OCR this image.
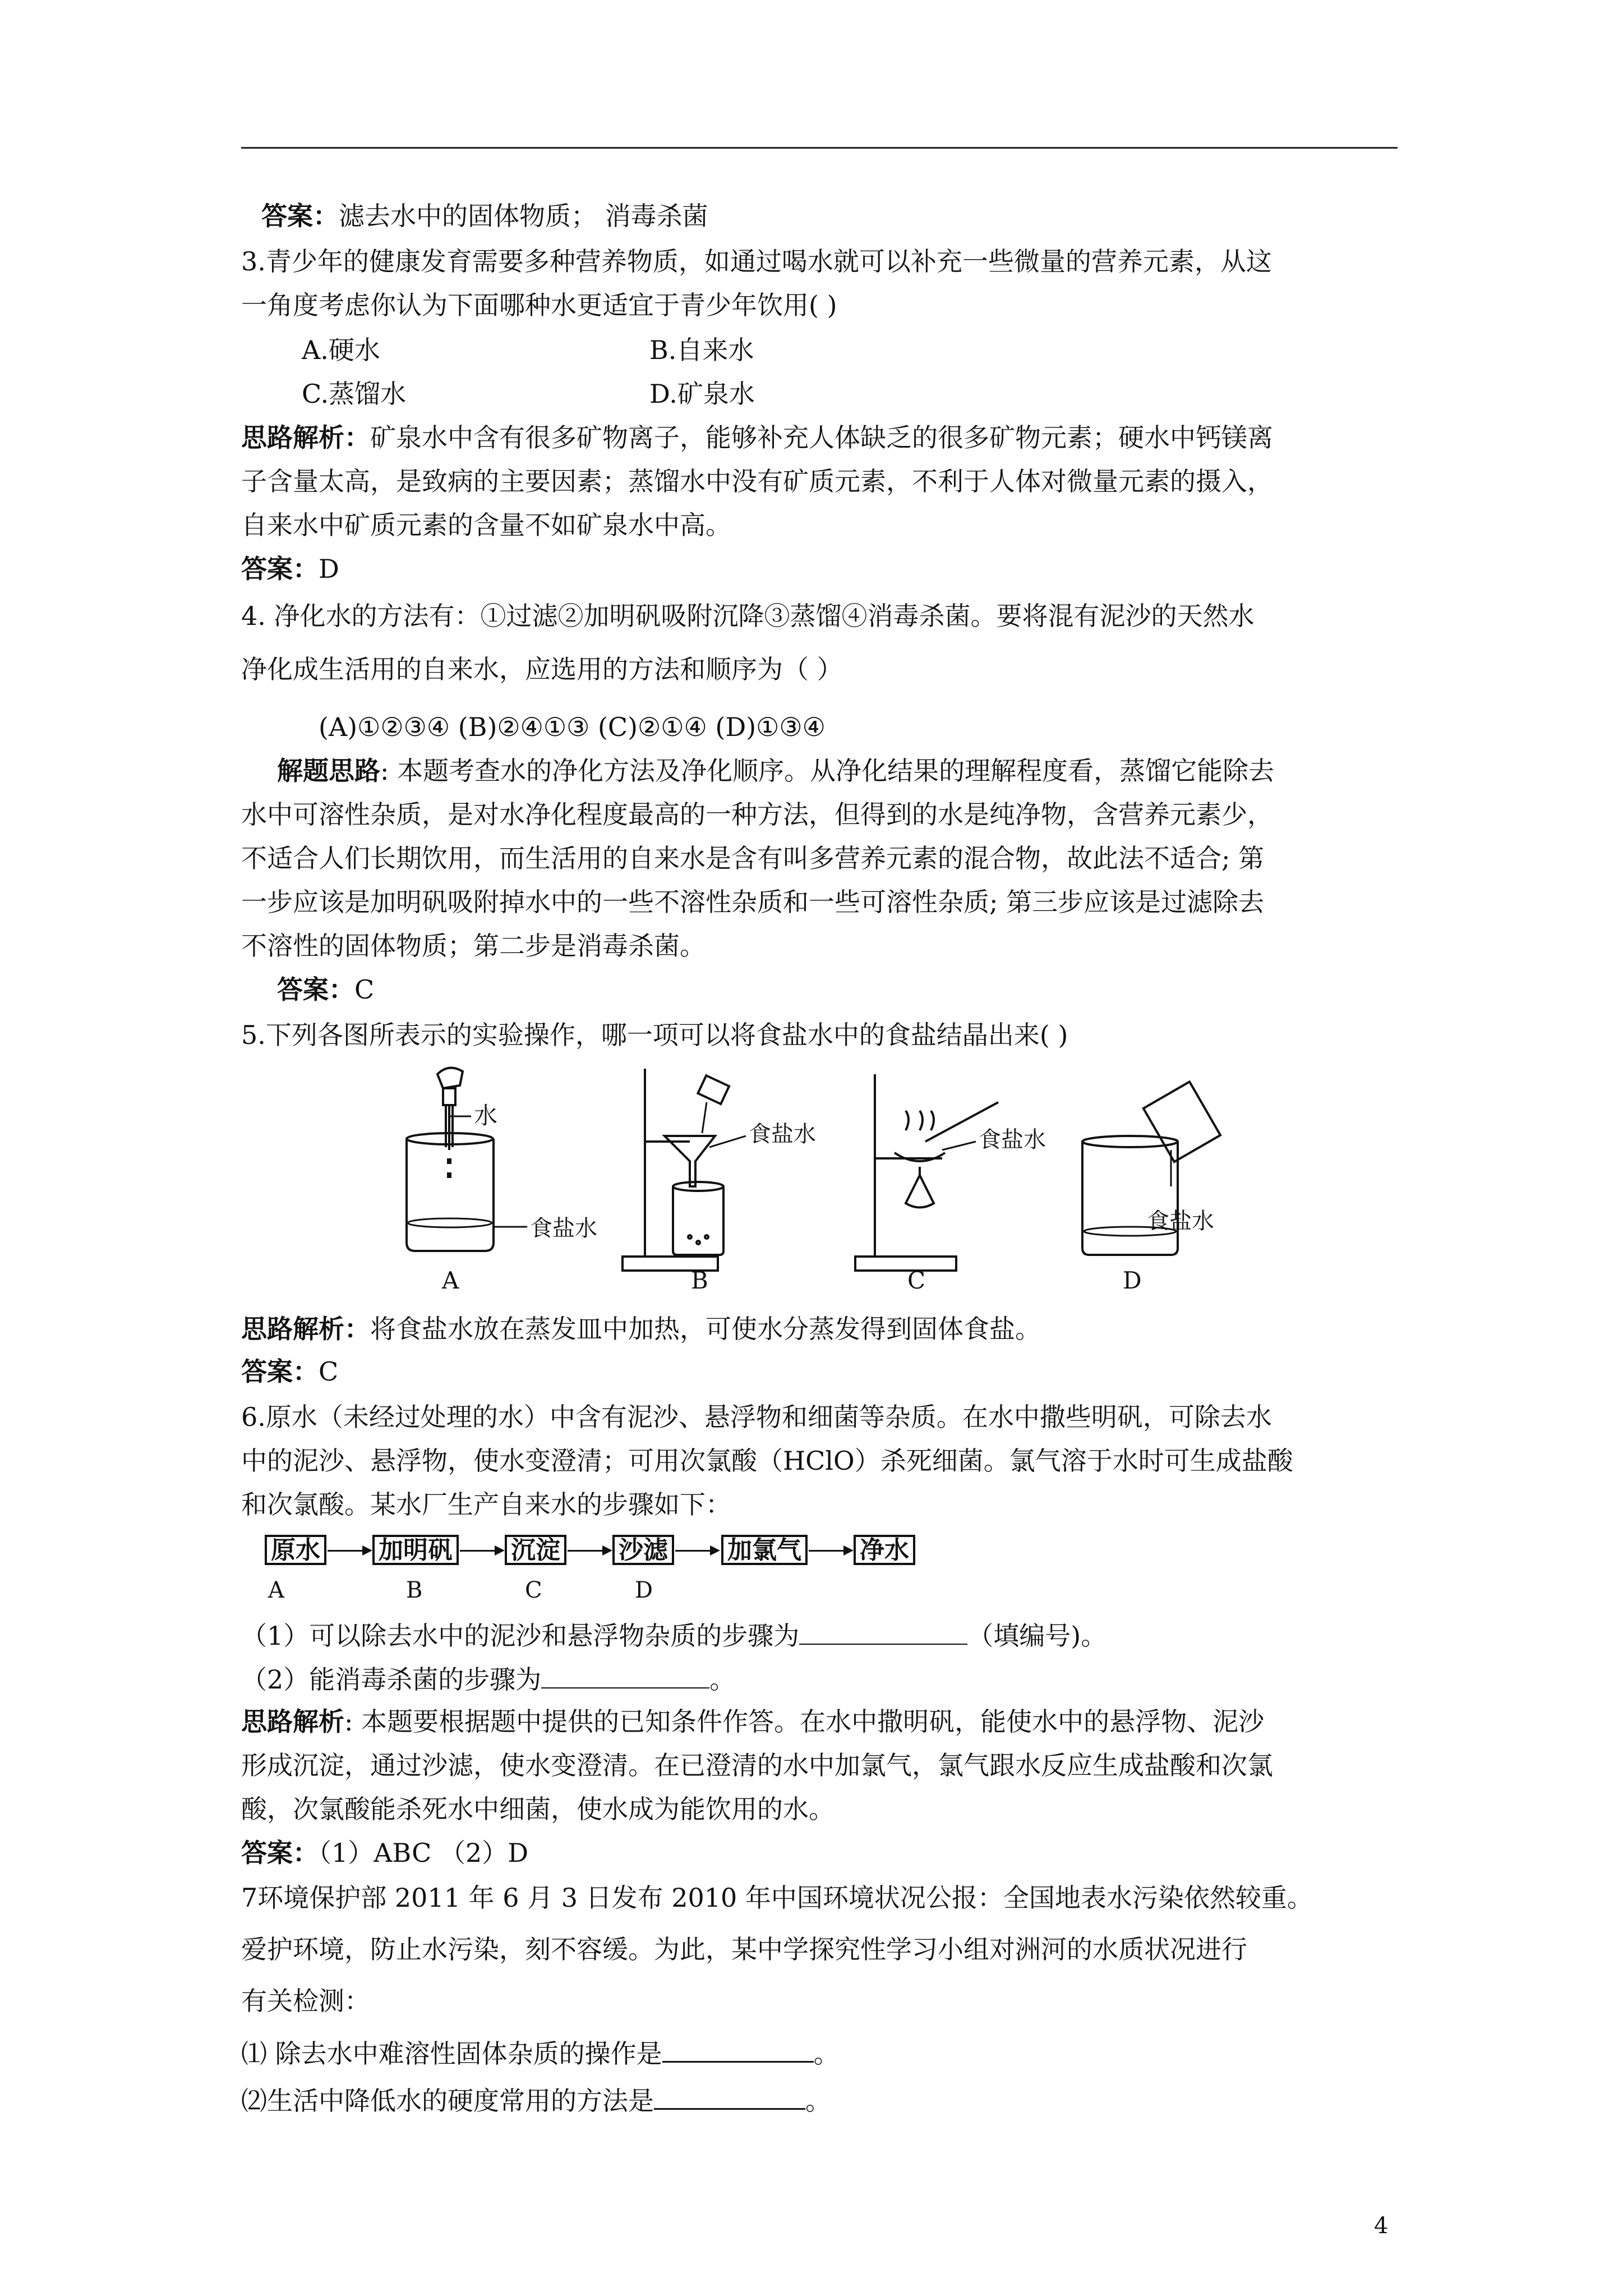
答案：滤去水中的固体物质； 消毒杀菌
3.青少年的健康发育需要多种营养物质，如通过喝水就可以补充一些微量的营养元素，从这
一角度考虑你认为下面哪种水更适宜于青少年饮用( )
A.硬水	B.自来水
C.蒸馏水	D.矿泉水
思路解析：矿泉水中含有很多矿物离子，能够补充人体缺乏的很多矿物元素；硬水中钙镁离
子含量太高，是致病的主要因素；蒸馏水中没有矿质元素，不利于人体对微量元素的摄入，
自来水中矿质元素的含量不如矿泉水中高。
答案：D
4. 净化水的方法有：①过滤②加明矾吸附沉降③蒸馏④消毒杀菌。要将混有泥沙的天然水
净化成生活用的自来水，应选用的方法和顺序为（ ）
(A)①②③④ (B)②④①③ (C)②①④ (D)①③④
解题思路: 本题考查水的净化方法及净化顺序。从净化结果的理解程度看，蒸馏它能除去
水中可溶性杂质，是对水净化程度最高的一种方法，但得到的水是纯净物，含营养元素少，
不适合人们长期饮用，而生活用的自来水是含有叫多营养元素的混合物，故此法不适合; 第
一步应该是加明矾吸附掉水中的一些不溶性杂质和一些可溶性杂质; 第三步应该是过滤除去
不溶性的固体物质；第二步是消毒杀菌。
答案：C
5.下列各图所表示的实验操作，哪一项可以将食盐水中的食盐结晶出来( )
水
食盐水
食盐水	食盐水
食盐水
A	B	C	D
思路解析：将食盐水放在蒸发皿中加热，可使水分蒸发得到固体食盐。
答案：C
6.原水（未经过处理的水）中含有泥沙、悬浮物和细菌等杂质。在水中撒些明矾，可除去水
中的泥沙、悬浮物，使水变澄清；可用次氯酸（HClO）杀死细菌。氯气溶于水时可生成盐酸
和次氯酸。某水厂生产自来水的步骤如下：
原水 加明矾 沉淀 沙滤 加氯气 净水
A	B	C	D
（1）可以除去水中的泥沙和悬浮物杂质的步骤为	（填编号)。
（2）能消毒杀菌的步骤为	。
思路解析: 本题要根据题中提供的已知条件作答。在水中撒明矾，能使水中的悬浮物、泥沙
形成沉淀，通过沙滤，使水变澄清。在已澄清的水中加氯气，氯气跟水反应生成盐酸和次氯
酸，次氯酸能杀死水中细菌，使水成为能饮用的水。
答案：（1）ABC （2）D
7环境保护部 2011 年 6 月 3 日发布 2010 年中国环境状况公报：全国地表水污染依然较重。
爱护环境，防止水污染，刻不容缓。为此，某中学探究性学习小组对洲河的水质状况进行
有关检测：
⑴ 除去水中难溶性固体杂质的操作是	。
⑵生活中降低水的硬度常用的方法是	。
4
